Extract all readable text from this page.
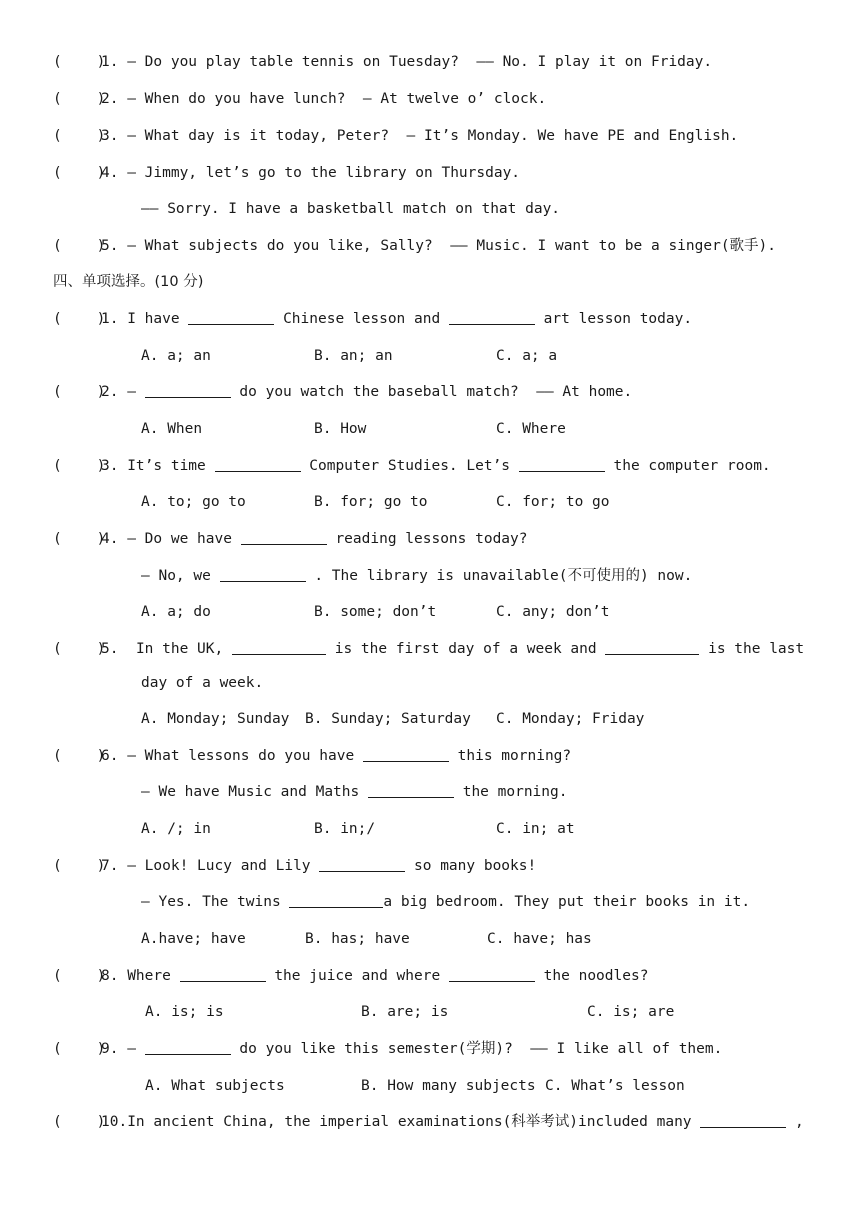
(    )1. — Do you play table tennis on Tuesday?  —— No. I play it on Friday.
(    )2. — When do you have lunch?  — At twelve o’ clock.
(    )3. — What day is it today, Peter?  — It’s Monday. We have PE and English.
(    )4. — Jimmy, let’s go to the library on Thursday.
—— Sorry. I have a basketball match on that day.
(    )5. — What subjects do you like, Sally?  —— Music. I want to be a singer(歌手).
四、单项选择。(10 分)
(    )1. I have	Chinese lesson and	art lesson today.
A. a; an	B. an; an	C. a; a
(    )2. —	do you watch the baseball match?  —— At home.
A. When	B. How	C. Where
(    )3. It’s time	Computer Studies. Let’s	the computer room.
A. to; go to	B. for; go to	C. for; to go
(    )4. — Do we have	reading lessons today?
— No, we	. The library is unavailable(不可使用的) now.
A. a; do	B. some; don’t	C. any; don’t
(    )5. In the UK,	is the first day of a week and	is the last
day of a week.
A. Monday; Sunday B. Sunday; Saturday C. Monday; Friday
(    )6. — What lessons do you have	this morning?
— We have Music and Maths	the morning.
A. /; in	B. in;/	C. in; at
(    )7. — Look! Lucy and Lily	so many books!
— Yes. The twins	a big bedroom. They put their books in it.
A.have; have	B. has; have	C. have; has
(    )8. Where	the juice and where	the noodles?
A. is; is	B. are; is	C. is; are
(    )9. —	do you like this semester(学期)?  —— I like all of them.
A. What subjects	B. How many subjects C. What’s lesson
(    )10.In ancient China, the imperial examinations(科举考试)included many	,
